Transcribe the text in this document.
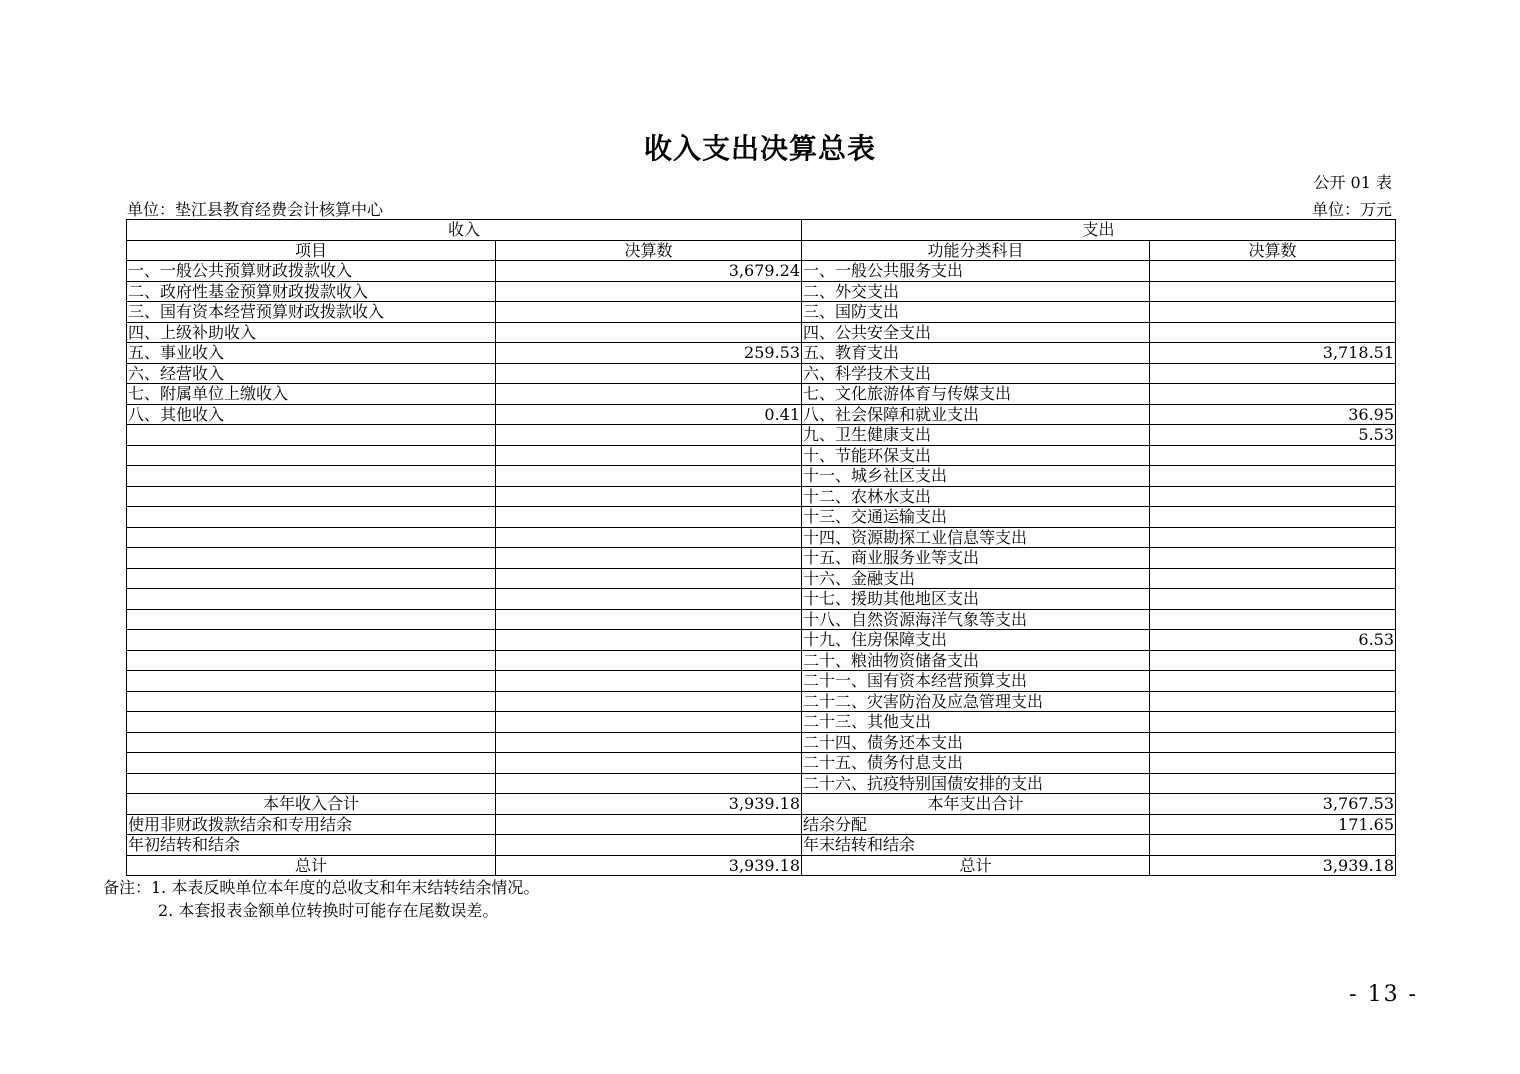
收入支出决算总表
公开 01 表
单位：垫江县教育经费会计核算中心	单位：万元
收入		支出	
项目	决算数	功能分类科目	决算数
一、一般公共预算财政拨款收入	3,679.24	一、一般公共服务支出	
二、政府性基金预算财政拨款收入		二、外交支出	
三、国有资本经营预算财政拨款收入		三、国防支出	
四、上级补助收入		四、公共安全支出	
五、事业收入	259.53	五、教育支出	3,718.51
六、经营收入		六、科学技术支出	
七、附属单位上缴收入		七、文化旅游体育与传媒支出	
八、其他收入	0.41	八、社会保障和就业支出	36.95
		九、卫生健康支出	5.53
		十、节能环保支出	
		十一、城乡社区支出	
		十二、农林水支出	
		十三、交通运输支出	
		十四、资源勘探工业信息等支出	
		十五、商业服务业等支出	
		十六、金融支出	
		十七、援助其他地区支出	
		十八、自然资源海洋气象等支出	
		十九、住房保障支出	6.53
		二十、粮油物资储备支出	
		二十一、国有资本经营预算支出	
		二十二、灾害防治及应急管理支出	
		二十三、其他支出	
		二十四、债务还本支出	
		二十五、债务付息支出	
		二十六、抗疫特别国债安排的支出	
本年收入合计	3,939.18	本年支出合计	3,767.53
使用非财政拨款结余和专用结余		结余分配	171.65
年初结转和结余		年末结转和结余	
总计	3,939.18	总计	3,939.18
备注：1. 本表反映单位本年度的总收支和年末结转结余情况。
2. 本套报表金额单位转换时可能存在尾数误差。
- 13 -
